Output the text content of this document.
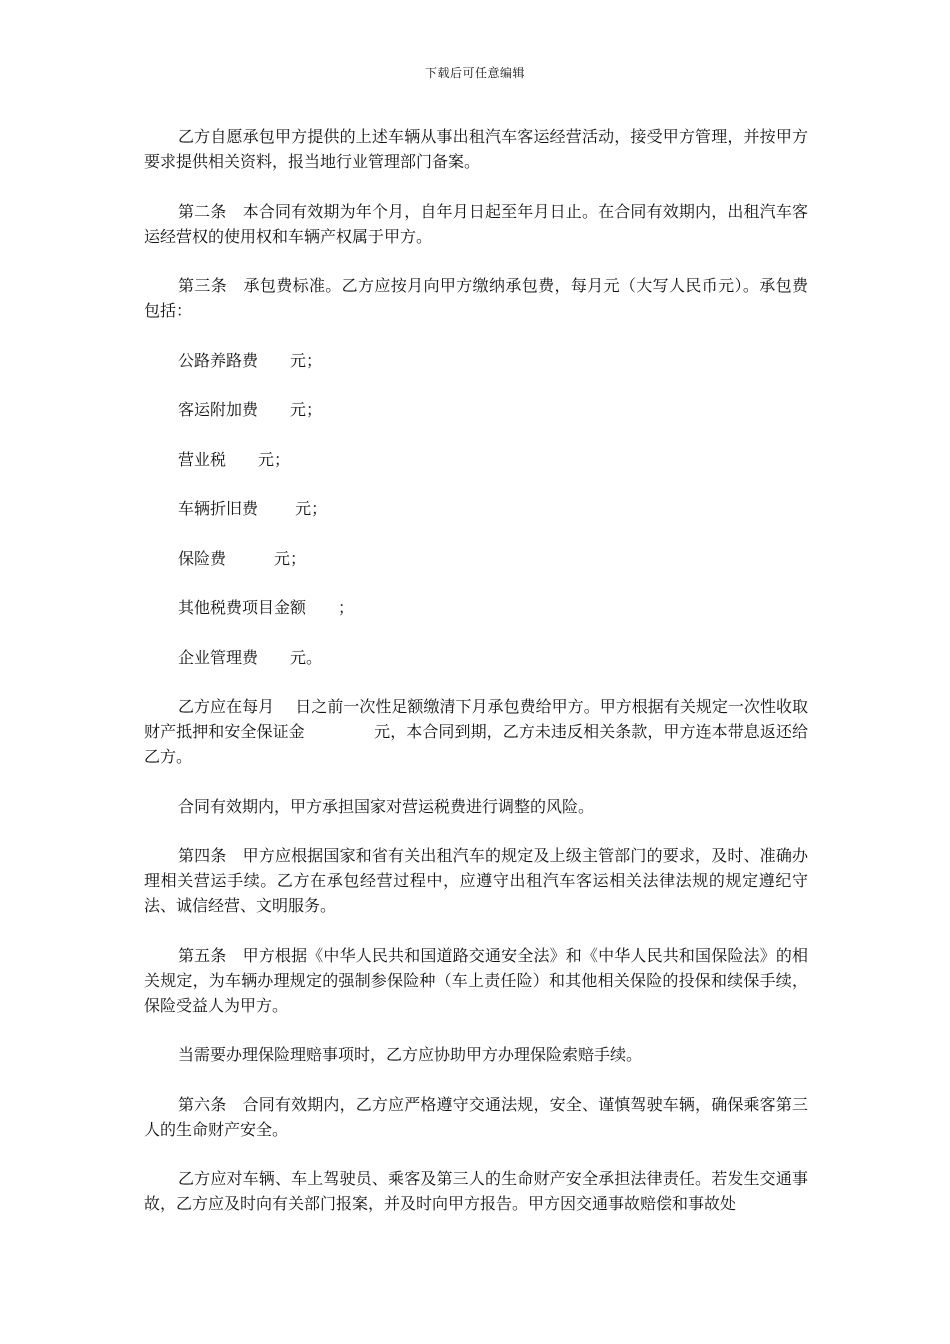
下载后可任意编辑

乙方自愿承包甲方提供的上述车辆从事出租汽车客运经营活动，接受甲方管理，并按甲方要求提供相关资料，报当地行业管理部门备案。

第二条　本合同有效期为年个月，自年月日起至年月日止。在合同有效期内，出租汽车客运经营权的使用权和车辆产权属于甲方。

第三条　承包费标准。乙方应按月向甲方缴纳承包费，每月元（大写人民币元）。承包费包括：

公路养路费　　元；

客运附加费　　元；

营业税　　元；

车辆折旧费　　 元；

保险费　　　元；

其他税费项目金额　　；

企业管理费　　元。

乙方应在每月　 日之前一次性足额缴清下月承包费给甲方。甲方根据有关规定一次性收取财产抵押和安全保证金　　　　 元，本合同到期，乙方未违反相关条款，甲方连本带息返还给乙方。

合同有效期内，甲方承担国家对营运税费进行调整的风险。

第四条　甲方应根据国家和省有关出租汽车的规定及上级主管部门的要求，及时、准确办理相关营运手续。乙方在承包经营过程中，应遵守出租汽车客运相关法律法规的规定遵纪守法、诚信经营、文明服务。

第五条　甲方根据《中华人民共和国道路交通安全法》和《中华人民共和国保险法》的相关规定，为车辆办理规定的强制参保险种（车上责任险）和其他相关保险的投保和续保手续，保险受益人为甲方。

当需要办理保险理赔事项时，乙方应协助甲方办理保险索赔手续。

第六条　合同有效期内，乙方应严格遵守交通法规，安全、谨慎驾驶车辆，确保乘客第三人的生命财产安全。

乙方应对车辆、车上驾驶员、乘客及第三人的生命财产安全承担法律责任。若发生交通事故，乙方应及时向有关部门报案，并及时向甲方报告。甲方因交通事故赔偿和事故处
